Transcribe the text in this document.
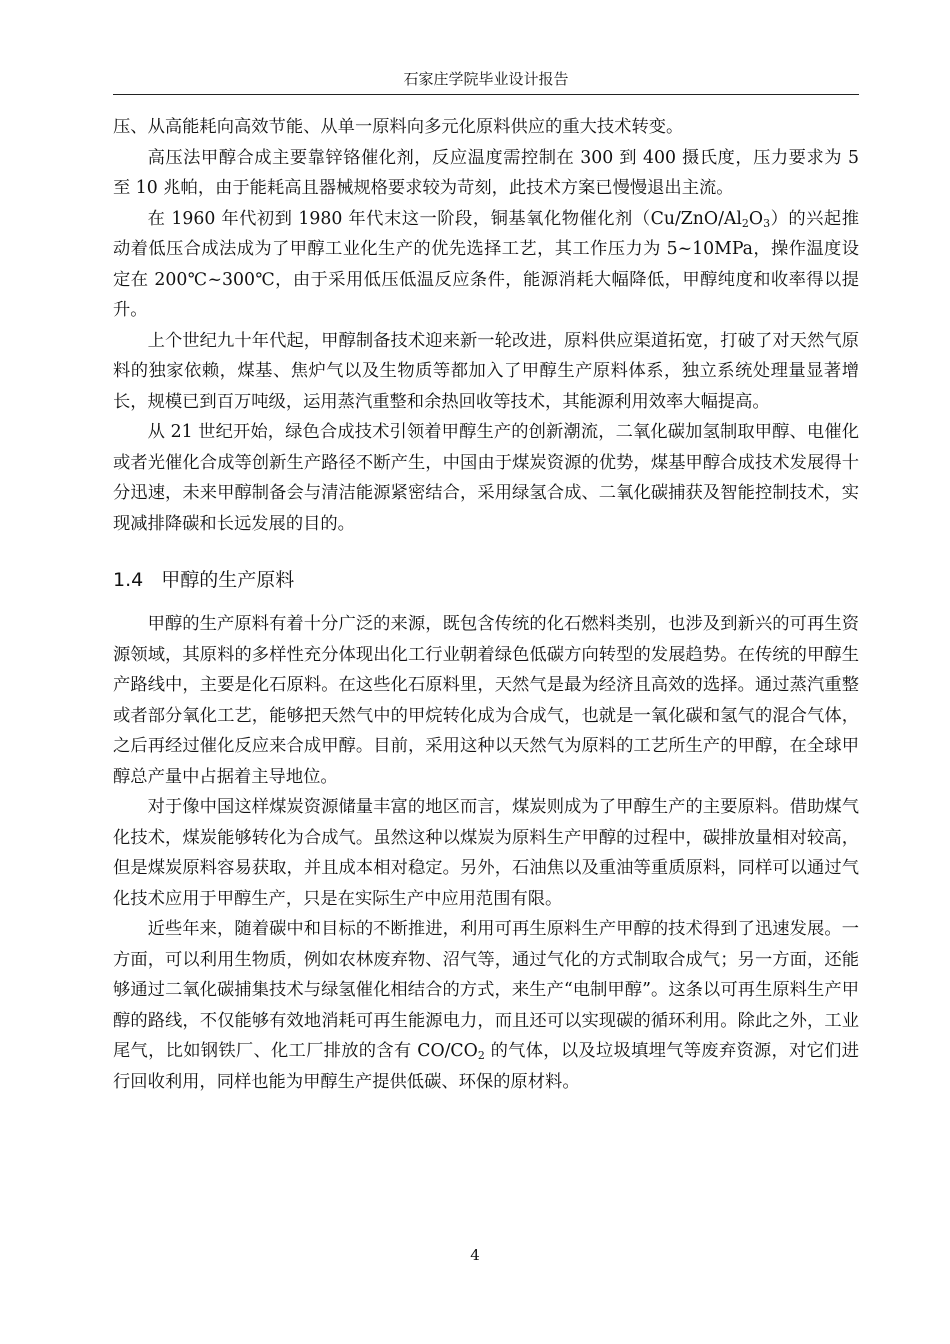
石家庄学院毕业设计报告

压、从高能耗向高效节能、从单一原料向多元化原料供应的重大技术转变。

高压法甲醇合成主要靠锌铬催化剂，反应温度需控制在 300 到 400 摄氏度，压力要求为 5 至 10 兆帕，由于能耗高且器械规格要求较为苛刻，此技术方案已慢慢退出主流。

在 1960 年代初到 1980 年代末这一阶段，铜基氧化物催化剂$(Cu/ZnO/Al_2O_3)$的兴起推动着低压合成法成为了甲醇工业化生产的优先选择工艺，其工作压力为 5~10MPa，操作温度设定在 200℃~300℃，由于采用低压低温反应条件，能源消耗大幅降低，甲醇纯度和收率得以提升。

上个世纪九十年代起，甲醇制备技术迎来新一轮改进，原料供应渠道拓宽，打破了对天然气原料的独家依赖，煤基、焦炉气以及生物质等都加入了甲醇生产原料体系，独立系统处理量显著增长，规模已到百万吨级，运用蒸汽重整和余热回收等技术，其能源利用效率大幅提高。

从 21 世纪开始，绿色合成技术引领着甲醇生产的创新潮流，二氧化碳加氢制取甲醇、电催化或者光催化合成等创新生产路径不断产生，中国由于煤炭资源的优势，煤基甲醇合成技术发展得十分迅速，未来甲醇制备会与清洁能源紧密结合，采用绿氢合成、二氧化碳捕获及智能控制技术，实现减排降碳和长远发展的目的。

1.4 甲醇的生产原料

甲醇的生产原料有着十分广泛的来源，既包含传统的化石燃料类别，也涉及到新兴的可再生资源领域，其原料的多样性充分体现出化工行业朝着绿色低碳方向转型的发展趋势。在传统的甲醇生产路线中，主要是化石原料。在这些化石原料里，天然气是最为经济且高效的选择。通过蒸汽重整或者部分氧化工艺，能够把天然气中的甲烷转化成为合成气，也就是一氧化碳和氢气的混合气体，之后再经过催化反应来合成甲醇。目前，采用这种以天然气为原料的工艺所生产的甲醇，在全球甲醇总产量中占据着主导地位。

对于像中国这样煤炭资源储量丰富的地区而言，煤炭则成为了甲醇生产的主要原料。借助煤气化技术，煤炭能够转化为合成气。虽然这种以煤炭为原料生产甲醇的过程中，碳排放量相对较高，但是煤炭原料容易获取，并且成本相对稳定。另外，石油焦以及重油等重质原料，同样可以通过气化技术应用于甲醇生产，只是在实际生产中应用范围有限。

近些年来，随着碳中和目标的不断推进，利用可再生原料生产甲醇的技术得到了迅速发展。一方面，可以利用生物质，例如农林废弃物、沼气等，通过气化的方式制取合成气；另一方面，还能够通过二氧化碳捕集技术与绿氢催化相结合的方式，来生产“电制甲醇”。这条以可再生原料生产甲醇的路线，不仅能够有效地消耗可再生能源电力，而且还可以实现碳的循环利用。除此之外，工业尾气，比如钢铁厂、化工厂排放的含有 $CO/CO_2$ 的气体，以及垃圾填埋气等废弃资源，对它们进行回收利用，同样也能为甲醇生产提供低碳、环保的原材料。

4
